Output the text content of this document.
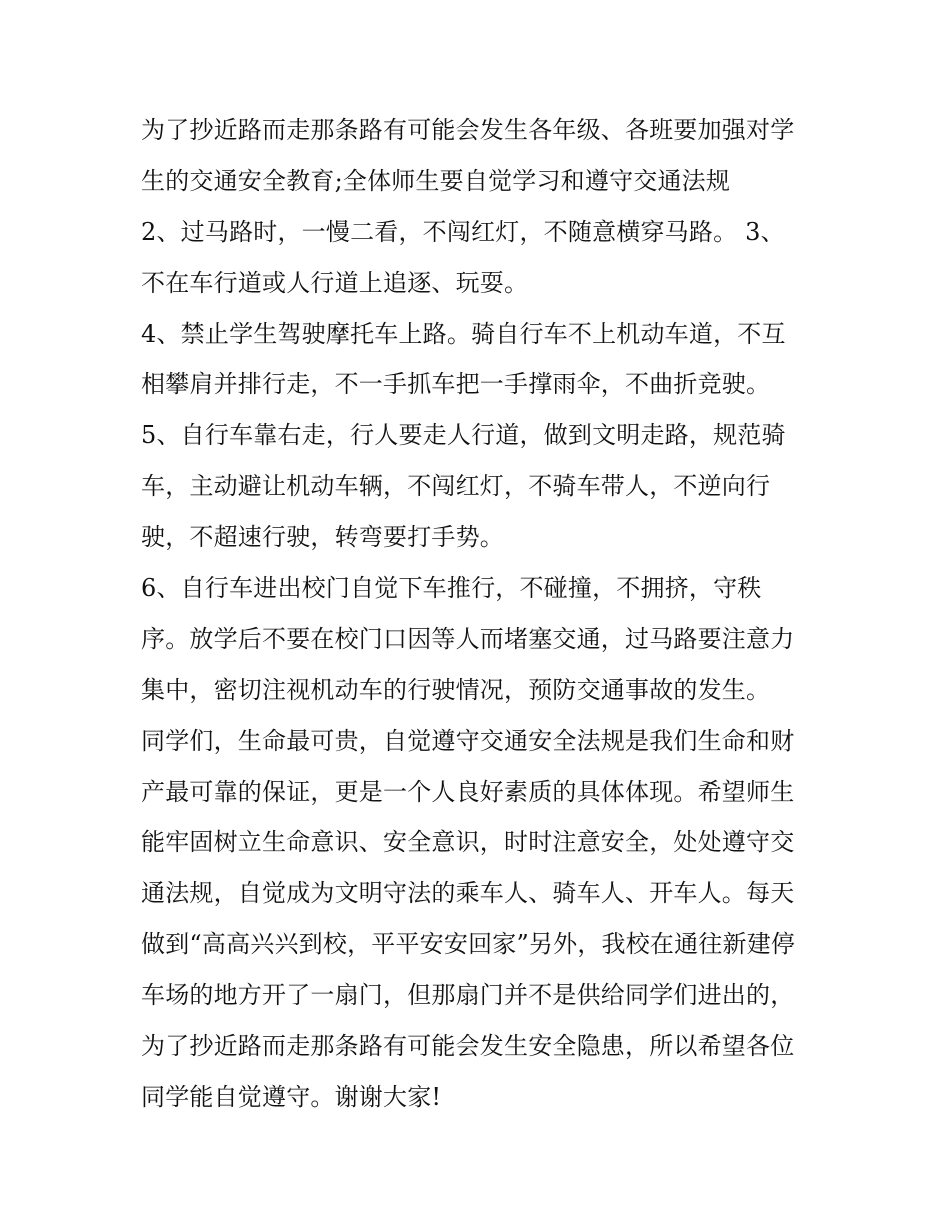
为了抄近路而走那条路有可能会发生各年级、各班要加强对学
生的交通安全教育;全体师生要自觉学习和遵守交通法规
2、过马路时，一慢二看，不闯红灯，不随意横穿马路。 3、
不在车行道或人行道上追逐、玩耍。
4、禁止学生驾驶摩托车上路。骑自行车不上机动车道，不互
相攀肩并排行走，不一手抓车把一手撑雨伞，不曲折竞驶。
5、自行车靠右走，行人要走人行道，做到文明走路，规范骑
车，主动避让机动车辆，不闯红灯，不骑车带人，不逆向行
驶，不超速行驶，转弯要打手势。
6、自行车进出校门自觉下车推行，不碰撞，不拥挤，守秩
序。放学后不要在校门口因等人而堵塞交通，过马路要注意力
集中，密切注视机动车的行驶情况，预防交通事故的发生。
同学们，生命最可贵，自觉遵守交通安全法规是我们生命和财
产最可靠的保证，更是一个人良好素质的具体体现。希望师生
能牢固树立生命意识、安全意识，时时注意安全，处处遵守交
通法规，自觉成为文明守法的乘车人、骑车人、开车人。每天
做到“高高兴兴到校，平平安安回家”另外，我校在通往新建停
车场的地方开了一扇门，但那扇门并不是供给同学们进出的，
为了抄近路而走那条路有可能会发生安全隐患，所以希望各位
同学能自觉遵守。谢谢大家!
